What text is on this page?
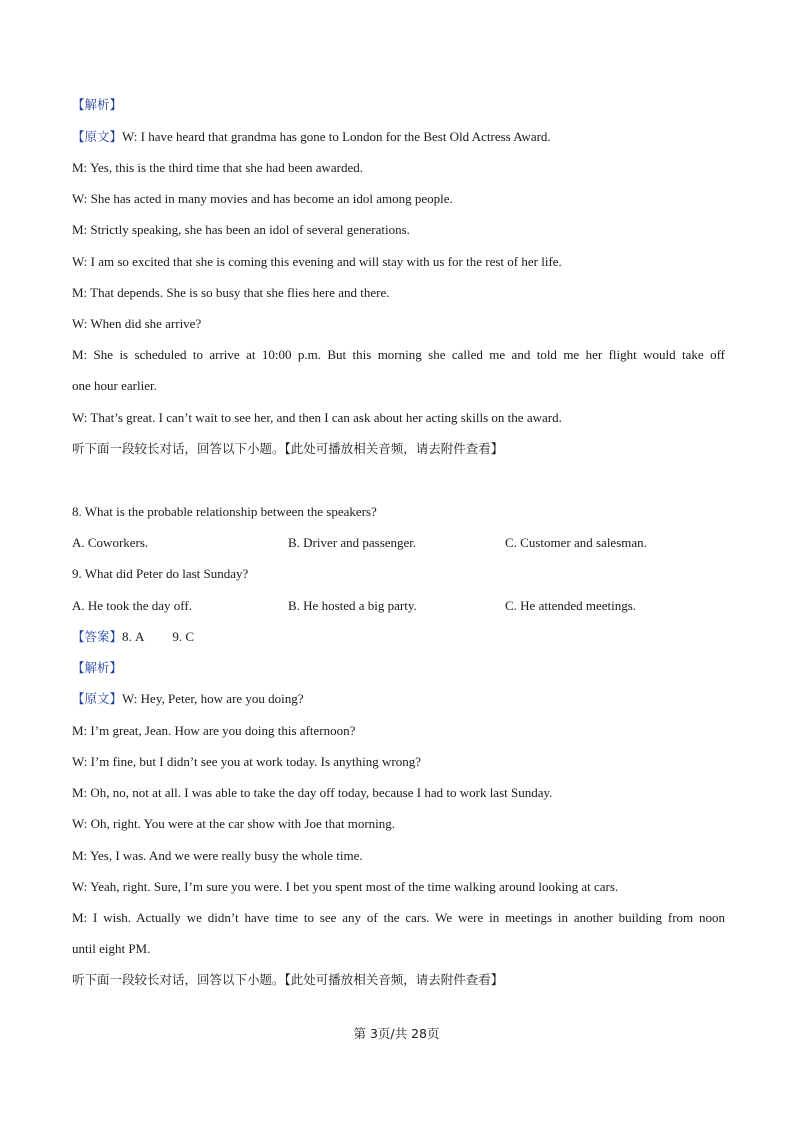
【解析】
【原文】W: I have heard that grandma has gone to London for the Best Old Actress Award.
M: Yes, this is the third time that she had been awarded.
W: She has acted in many movies and has become an idol among people.
M: Strictly speaking, she has been an idol of several generations.
W: I am so excited that she is coming this evening and will stay with us for the rest of her life.
M: That depends. She is so busy that she flies here and there.
W: When did she arrive?
M: She is scheduled to arrive at 10:00 p.m. But this morning she called me and told me her flight would take off
one hour earlier.
W: That’s great. I can’t wait to see her, and then I can ask about her acting skills on the award.
听下面一段较长对话，回答以下小题。【此处可播放相关音频，请去附件查看】
8. What is the probable relationship between the speakers?
A. Coworkers.	B. Driver and passenger.	C. Customer and salesman.
9. What did Peter do last Sunday?
A. He took the day off.	B. He hosted a big party.	C. He attended meetings.
【答案】8. A 9. C
【解析】
【原文】W: Hey, Peter, how are you doing?
M: I’m great, Jean. How are you doing this afternoon?
W: I’m fine, but I didn’t see you at work today. Is anything wrong?
M: Oh, no, not at all. I was able to take the day off today, because I had to work last Sunday.
W: Oh, right. You were at the car show with Joe that morning.
M: Yes, I was. And we were really busy the whole time.
W: Yeah, right. Sure, I’m sure you were. I bet you spent most of the time walking around looking at cars.
M: I wish. Actually we didn’t have time to see any of the cars. We were in meetings in another building from noon
until eight PM.
听下面一段较长对话，回答以下小题。【此处可播放相关音频，请去附件查看】
第 3页/共 28页
